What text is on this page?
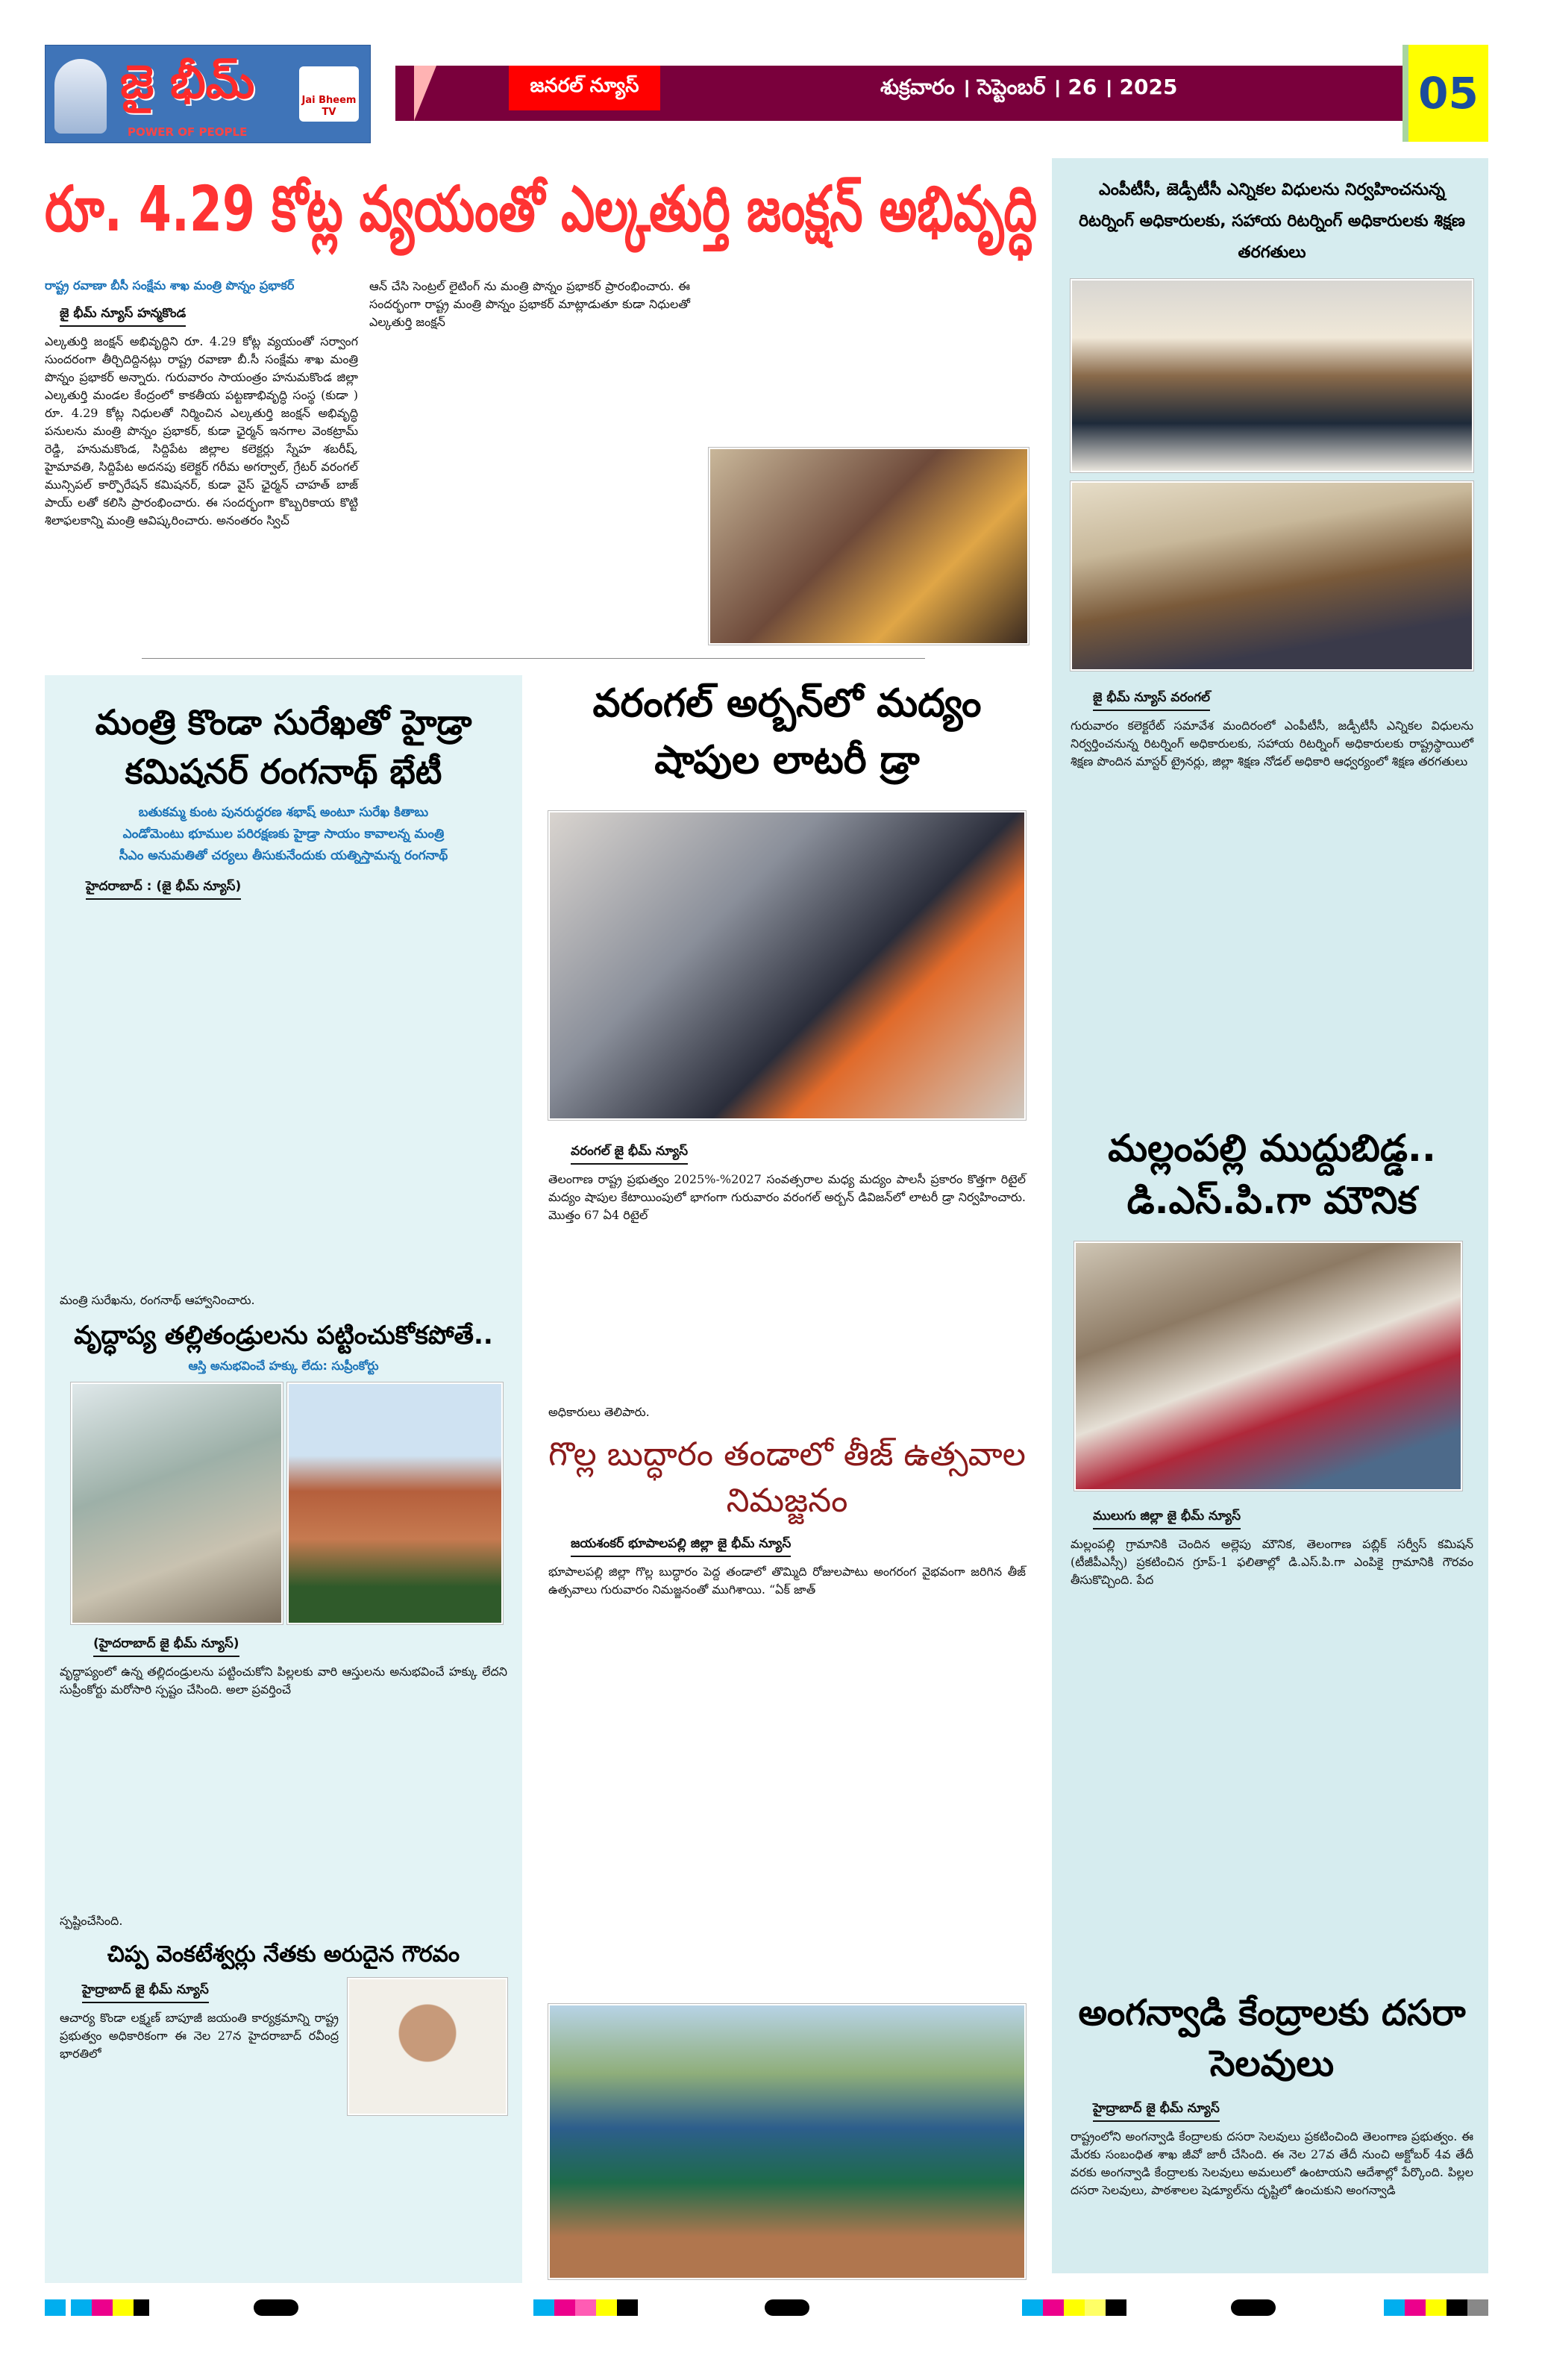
జై భీమ్
POWER OF PEOPLE
Jai Bheem TV
జనరల్ న్యూస్	శుక్రవారం । సెప్టెంబర్ । 26 । 2025	05
రూ. 4.29 కోట్ల వ్యయంతో ఎల్కతుర్తి జంక్షన్ అభివృద్ధి
రాష్ట్ర రవాణా బీసీ సంక్షేమ శాఖ మంత్రి పొన్నం ప్రభాకర్
జై భీమ్ న్యూస్ హన్మకొండ
ఎల్కతుర్తి జంక్షన్ అభివృద్ధిని రూ. 4.29 కోట్ల వ్యయంతో సర్వాంగ సుందరంగా తీర్చిదిద్దినట్లు రాష్ట్ర రవాణా బీ.సీ సంక్షేమ శాఖ మంత్రి పొన్నం ప్రభాకర్ అన్నారు. గురువారం సాయంత్రం హనుమకొండ జిల్లా ఎల్కతుర్తి మండల కేంద్రంలో కాకతీయ పట్టణాభివృద్ధి సంస్థ (కుడా ) రూ. 4.29 కోట్ల నిధులతో నిర్మించిన ఎల్కతుర్తి జంక్షన్ అభివృద్ధి పనులను మంత్రి పొన్నం ప్రభాకర్, కుడా ఛైర్మన్ ఇనగాల వెంకట్రామ్ రెడ్డి, హనుమకొండ, సిద్దిపేట జిల్లాల కలెక్టర్లు స్నేహ శబరీష్, హైమావతి, సిద్దిపేట అదనపు కలెక్టర్ గరీమ అగర్వాల్, గ్రేటర్ వరంగల్ మున్సిపల్ కార్పొరేషన్ కమిషనర్, కుడా వైస్ ఛైర్మన్ చాహత్ బాజ్ పాయ్ లతో కలిసి ప్రారంభించారు. ఈ సందర్భంగా కొబ్బరికాయ కొట్టి శిలాఫలకాన్ని మంత్రి ఆవిష్కరించారు. అనంతరం స్విచ్
ఆన్ చేసి సెంట్రల్ లైటింగ్ ను మంత్రి పొన్నం ప్రభాకర్ ప్రారంభించారు. ఈ సందర్భంగా రాష్ట్ర మంత్రి పొన్నం ప్రభాకర్ మాట్లాడుతూ కుడా నిధులతో ఎల్కతుర్తి జంక్షన్
మంత్రి కొండా సురేఖతో హైడ్రా కమిషనర్ రంగనాథ్ భేటీ
బతుకమ్మ కుంట పునరుద్ధరణ శభాష్ అంటూ సురేఖ కితాబు
ఎండోమెంటు భూముల పరిరక్షణకు హైడ్రా సాయం కావాలన్న మంత్రి
సీఎం అనుమతితో చర్యలు తీసుకునేందుకు యత్నిస్తామన్న రంగనాథ్
హైదరాబాద్ : (జై భీమ్ న్యూస్)
మంత్రి సురేఖను, రంగనాథ్ ఆహ్వానించారు.
వృద్ధాప్య తల్లితండ్రులను పట్టించుకోకపోతే..
ఆస్తి అనుభవించే హక్కు లేదు: సుప్రీంకోర్టు
(హైదరాబాద్ జై భీమ్ న్యూస్)
వృద్ధాప్యంలో ఉన్న తల్లిదండ్రులను పట్టించుకోని పిల్లలకు వారి ఆస్తులను అనుభవించే హక్కు లేదని సుప్రీంకోర్టు మరోసారి స్పష్టం చేసింది. అలా ప్రవర్తించే
స్పష్టించేసింది.
చిప్ప వెంకటేశ్వర్లు నేతకు అరుదైన గౌరవం
హైద్రాబాద్ జై భీమ్ న్యూస్
ఆచార్య కొండా లక్ష్మణ్ బాపూజీ జయంతి కార్యక్రమాన్ని రాష్ట్ర ప్రభుత్వం అధికారికంగా ఈ నెల 27న హైదరాబాద్ రవీంద్ర భారతిలో
వరంగల్ అర్బన్‌లో మద్యం షాపుల లాటరీ డ్రా
వరంగల్ జై భీమ్ న్యూస్
తెలంగాణ రాష్ట్ర ప్రభుత్వం 2025%-%2027 సంవత్సరాల మధ్య మద్యం పాలసీ ప్రకారం కొత్తగా రిటైల్ మద్యం షాపుల కేటాయింపులో భాగంగా గురువారం వరంగల్ అర్బన్ డివిజన్‌లో లాటరీ డ్రా నిర్వహించారు. మొత్తం 67 ఏ4 రిటైల్
అధికారులు తెలిపారు.
గొల్ల బుద్ధారం తండాలో తీజ్ ఉత్సవాల నిమజ్జనం
జయశంకర్ భూపాలపల్లి జిల్లా జై భీమ్ న్యూస్
భూపాలపల్లి జిల్లా గొల్ల బుద్ధారం పెద్ద తండాలో తొమ్మిది రోజులపాటు అంగరంగ వైభవంగా జరిగిన తీజ్ ఉత్సవాలు గురువారం నిమజ్జనంతో ముగిశాయి. “ఏక్ జాత్
ఎంపీటీసీ, జెడ్పీటీసీ ఎన్నికల విధులను నిర్వహించనున్న రిటర్నింగ్ అధికారులకు, సహాయ రిటర్నింగ్ అధికారులకు శిక్షణ తరగతులు
జై భీమ్ న్యూస్ వరంగల్
గురువారం కలెక్టరేట్ సమావేశ మందిరంలో ఎంపీటీసీ, జడ్పీటీసీ ఎన్నికల విధులను నిర్వర్తించనున్న రిటర్నింగ్ అధికారులకు, సహాయ రిటర్నింగ్ అధికారులకు రాష్ట్రస్థాయిలో శిక్షణ పొందిన మాస్టర్ ట్రైనర్లు, జిల్లా శిక్షణ నోడల్ అధికారి ఆధ్వర్యంలో శిక్షణ తరగతులు
మల్లంపల్లి ముద్దుబిడ్డ.. డి.ఎస్.పి.గా మౌనిక
ములుగు జిల్లా జై భీమ్ న్యూస్
మల్లంపల్లి గ్రామానికి చెందిన అల్లెపు మౌనిక, తెలంగాణ పబ్లిక్ సర్వీస్ కమిషన్ (టీజీపీఎస్సీ) ప్రకటించిన గ్రూప్-1 ఫలితాల్లో డి.ఎస్.పి.గా ఎంపికై గ్రామానికి గౌరవం తీసుకొచ్చింది. పేద
అంగన్వాడి కేంద్రాలకు దసరా సెలవులు
హైద్రాబాద్ జై భీమ్ న్యూస్
రాష్ట్రంలోని అంగన్వాడి కేంద్రాలకు దసరా సెలవులు ప్రకటించింది తెలంగాణ ప్రభుత్వం. ఈ మేరకు సంబంధిత శాఖ జీవో జారీ చేసింది. ఈ నెల 27వ తేదీ నుంచి అక్టోబర్ 4వ తేదీ వరకు అంగన్వాడి కేంద్రాలకు సెలవులు అమలులో ఉంటాయని ఆదేశాల్లో పేర్కొంది. పిల్లల దసరా సెలవులు, పాఠశాలల షెడ్యూల్‌ను దృష్టిలో ఉంచుకుని అంగన్వాడి
